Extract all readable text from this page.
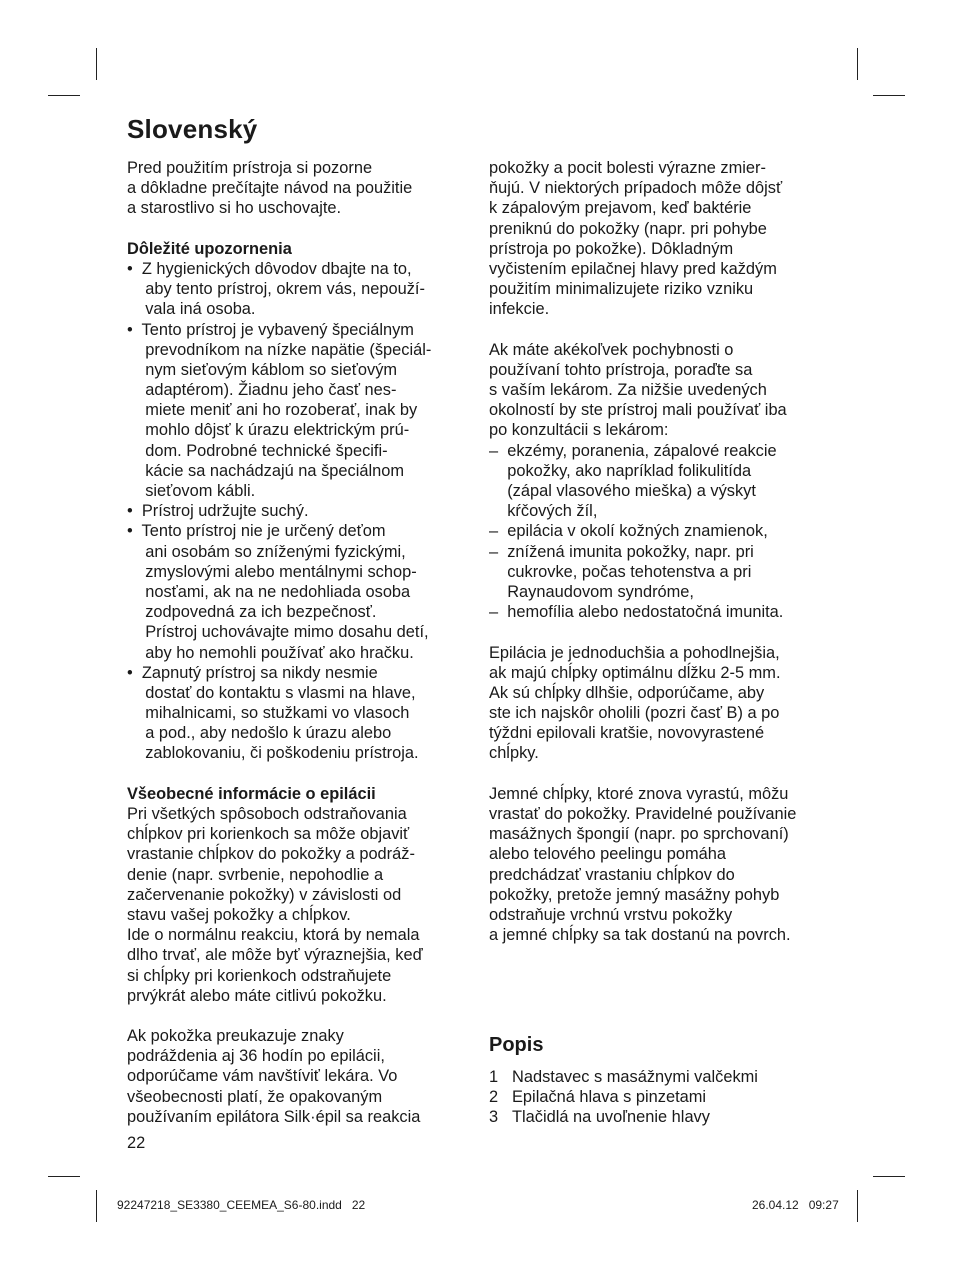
Slovenský
Pred použitím prístroja si pozorne
a dôkladne prečítajte návod na použitie
a starostlivo si ho uschovajte.
Dôležité upozornenia
•  Z hygienických dôvodov dbajte na to,
aby tento prístroj, okrem vás, nepouží-
vala iná osoba.
•  Tento prístroj je vybavený špeciálnym
prevodníkom na nízke napätie (špeciál-
nym sieťovým káblom so sieťovým
adaptérom). Žiadnu jeho časť nes-
miete meniť ani ho rozoberať, inak by
mohlo dôjsť k úrazu elektrickým prú-
dom. Podrobné technické špecifi-
kácie sa nachádzajú na špeciálnom
sieťovom kábli.
•  Prístroj udržujte suchý.
•  Tento prístroj nie je určený deťom
ani osobám so zníženými fyzickými,
zmyslovými alebo mentálnymi schop-
nosťami, ak na ne nedohliada osoba
zodpovedná za ich bezpečnosť.
Prístroj uchovávajte mimo dosahu detí,
aby ho nemohli používať ako hračku.
•  Zapnutý prístroj sa nikdy nesmie
dostať do kontaktu s vlasmi na hlave,
mihalnicami, so stužkami vo vlasoch
a pod., aby nedošlo k úrazu alebo
zablokovaniu, či poškodeniu prístroja.
Všeobecné informácie o epilácii
Pri všetkých spôsoboch odstraňovania
chĺpkov pri korienkoch sa môže objaviť
vrastanie chĺpkov do pokožky a podráž-
denie (napr. svrbenie, nepohodlie a
začervenanie pokožky) v závislosti od
stavu vašej pokožky a chĺpkov.
Ide o normálnu reakciu, ktorá by nemala
dlho trvať, ale môže byť výraznejšia, keď
si chĺpky pri korienkoch odstraňujete
prvýkrát alebo máte citlivú pokožku.
Ak pokožka preukazuje znaky
podráždenia aj 36 hodín po epilácii,
odporúčame vám navštíviť lekára. Vo
všeobecnosti platí, že opakovaným
používaním epilátora Silk·épil sa reakcia
pokožky a pocit bolesti výrazne zmier-
ňujú. V niektorých prípadoch môže dôjsť
k zápalovým prejavom, keď baktérie
preniknú do pokožky (napr. pri pohybe
prístroja po pokožke). Dôkladným
vyčistením epilačnej hlavy pred každým
použitím minimalizujete riziko vzniku
infekcie.
Ak máte akékoľvek pochybnosti o
používaní tohto prístroja, poraďte sa
s vaším lekárom. Za nižšie uvedených
okolností by ste prístroj mali používať iba
po konzultácii s lekárom:
–  ekzémy, poranenia, zápalové reakcie
pokožky, ako napríklad folikulitída
(zápal vlasového mieška) a výskyt
kŕčových žíl,
–  epilácia v okolí kožných znamienok,
–  znížená imunita pokožky, napr. pri
cukrovke, počas tehotenstva a pri
Raynaudovom syndróme,
–  hemofília alebo nedostatočná imunita.
Epilácia je jednoduchšia a pohodlnejšia,
ak majú chĺpky optimálnu dĺžku 2-5 mm.
Ak sú chĺpky dlhšie, odporúčame, aby
ste ich najskôr oholili (pozri časť B) a po
týždni epilovali kratšie, novovyrastené
chĺpky.
Jemné chĺpky, ktoré znova vyrastú, môžu
vrastať do pokožky. Pravidelné používanie
masážnych špongií (napr. po sprchovaní)
alebo telového peelingu pomáha
predchádzať vrastaniu chĺpkov do
pokožky, pretože jemný masážny pohyb
odstraňuje vrchnú vrstvu pokožky
a jemné chĺpky sa tak dostanú na povrch.
Popis
1 Nadstavec s masážnymi valčekmi
2 Epilačná hlava s pinzetami
3 Tlačidlá na uvoľnenie hlavy
22
92247218_SE3380_CEEMEA_S6-80.indd   22	26.04.12   09:27
